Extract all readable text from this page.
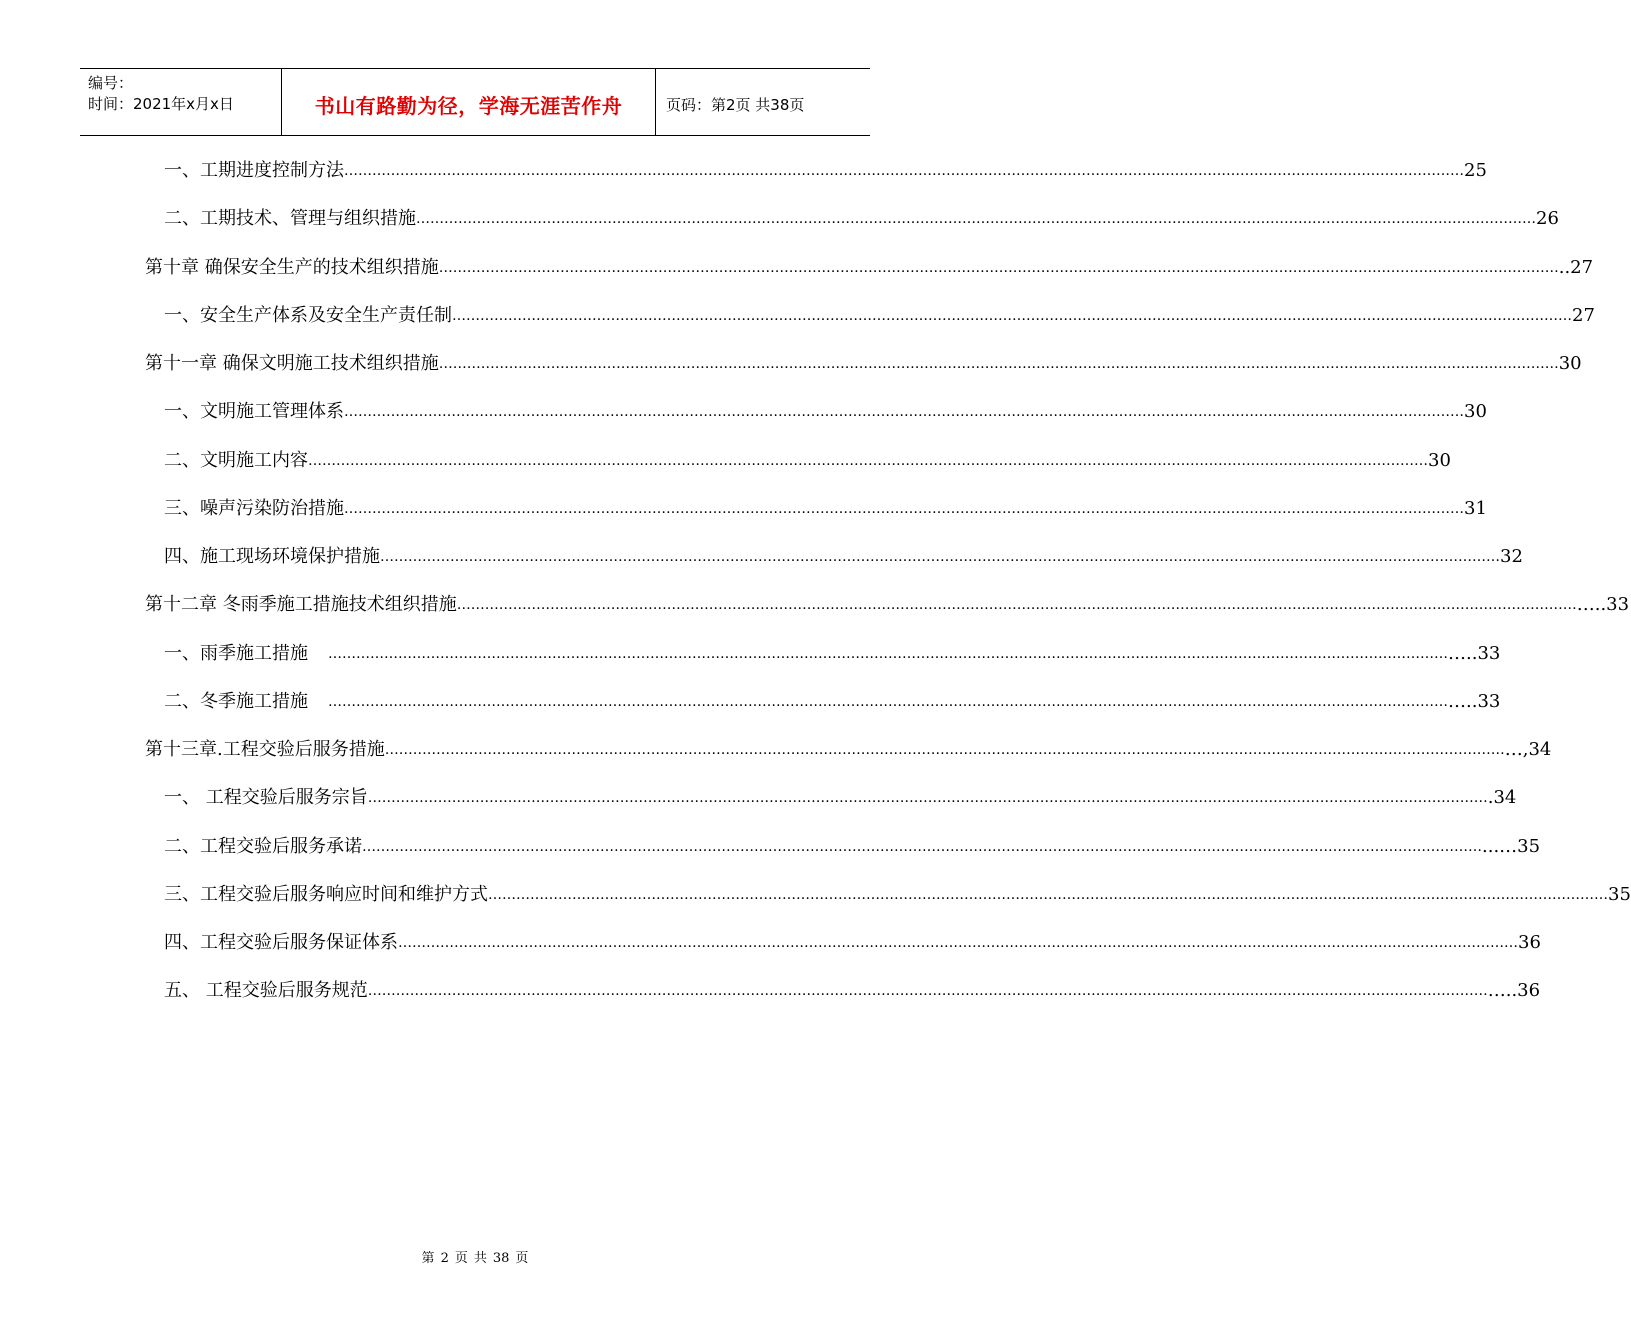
编号：
时间：2021年x月x日	书山有路勤为径，学海无涯苦作舟	页码：第2页 共38页
一、工期进度控制方法 …………………………………………………………………………………………………………………………………………………………………………………………………………………… 25
二、工期技术、管理与组织措施 …………………………………………………………………………………………………………………………………………………………………………………………………………………… 26
第十章 确保安全生产的技术组织措施 …………………………………………………………………………………………………………………………………………………………………………………………………………………… ..27
一、安全生产体系及安全生产责任制 …………………………………………………………………………………………………………………………………………………………………………………………………………………… 27
第十一章 确保文明施工技术组织措施 …………………………………………………………………………………………………………………………………………………………………………………………………………………… 30
一、文明施工管理体系 …………………………………………………………………………………………………………………………………………………………………………………………………………………… 30
二、文明施工内容 …………………………………………………………………………………………………………………………………………………………………………………………………………………… 30
三、噪声污染防治措施 …………………………………………………………………………………………………………………………………………………………………………………………………………………… 31
四、施工现场环境保护措施 …………………………………………………………………………………………………………………………………………………………………………………………………………………… 32
第十二章 冬雨季施工措施技术组织措施 …………………………………………………………………………………………………………………………………………………………………………………………………………………… …..33
一、雨季施工措施 …………………………………………………………………………………………………………………………………………………………………………………………………………………… …..33
二、冬季施工措施 …………………………………………………………………………………………………………………………………………………………………………………………………………………… …..33
第十三章.工程交验后服务措施 …………………………………………………………………………………………………………………………………………………………………………………………………………………… …,34
一、 工程交验后服务宗旨 …………………………………………………………………………………………………………………………………………………………………………………………………………………… .34
二、工程交验后服务承诺 …………………………………………………………………………………………………………………………………………………………………………………………………………………… ...…35
三、工程交验后服务响应时间和维护方式 …………………………………………………………………………………………………………………………………………………………………………………………………………………… 35
四、工程交验后服务保证体系 …………………………………………………………………………………………………………………………………………………………………………………………………………………… 36
五、 工程交验后服务规范 …………………………………………………………………………………………………………………………………………………………………………………………………………………… …..36
第 2 页 共 38 页
